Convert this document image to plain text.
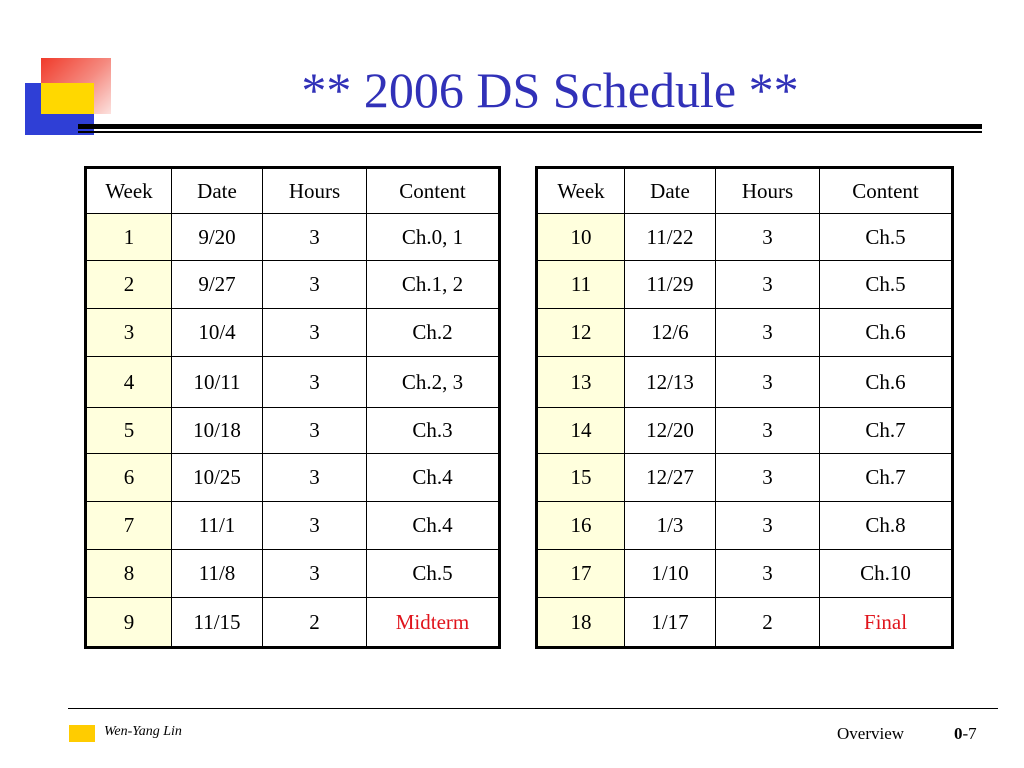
** 2006 DS Schedule **
Week	Date	Hours	Content
1	9/20	3	Ch.0, 1
2	9/27	3	Ch.1, 2
3	10/4	3	Ch.2
4	10/11	3	Ch.2, 3
5	10/18	3	Ch.3
6	10/25	3	Ch.4
7	11/1	3	Ch.4
8	11/8	3	Ch.5
9	11/15	2	Midterm
Week	Date	Hours	Content
10	11/22	3	Ch.5
11	11/29	3	Ch.5
12	12/6	3	Ch.6
13	12/13	3	Ch.6
14	12/20	3	Ch.7
15	12/27	3	Ch.7
16	1/3	3	Ch.8
17	1/10	3	Ch.10
18	1/17	2	Final
Wen-Yang Lin	Overview	0-7
